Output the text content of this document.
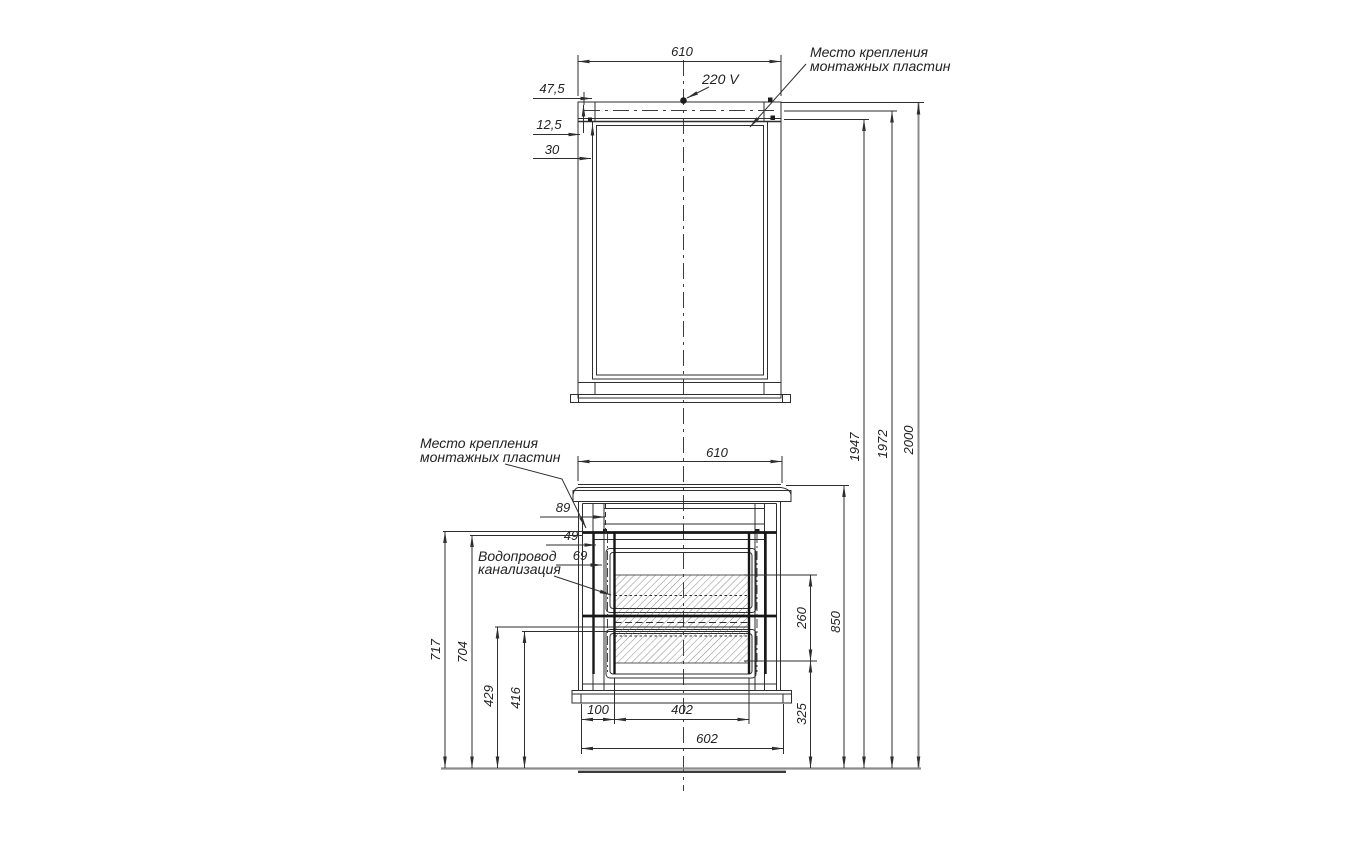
610
47,5
12,5
30
610
89
49
69
717 704
429 416
100	402
602
260
325
850
1947 1972 2000
220 V
Место крепления
монтажных пластин
Место крепления
монтажных пластин
Водопровод
канализация
